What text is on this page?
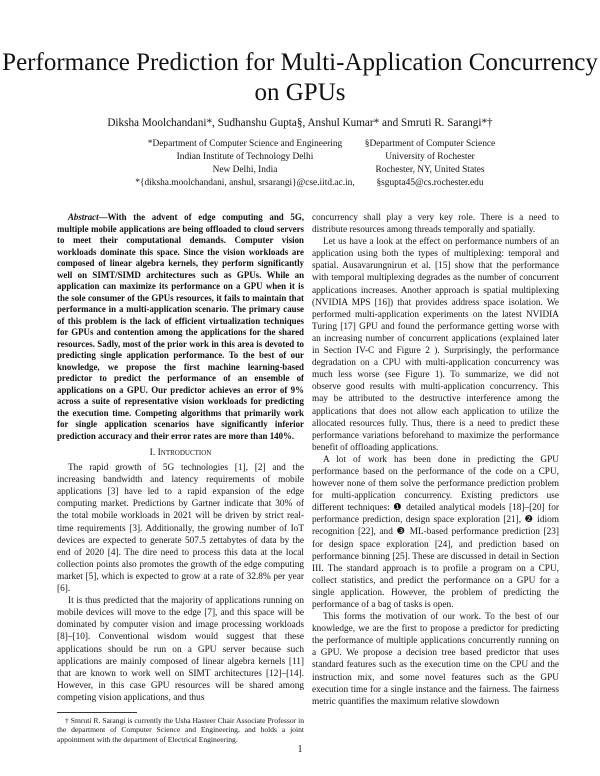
Performance Prediction for Multi-Application Concurrency on GPUs
Diksha Moolchandani*, Sudhanshu Gupta§, Anshul Kumar* and Smruti R. Sarangi*†
*Department of Computer Science and Engineering
Indian Institute of Technology Delhi
New Delhi, India
*{diksha.moolchandani, anshul, srsarangi}@cse.iitd.ac.in,
§Department of Computer Science
University of Rochester
Rochester, NY, United States
§sgupta45@cs.rochester.edu

Abstract—With the advent of edge computing and 5G, multiple mobile applications are being offloaded to cloud servers to meet their computational demands. Computer vision workloads dominate this space. Since the vision workloads are composed of linear algebra kernels, they perform significantly well on SIMT/SIMD architectures such as GPUs. While an application can maximize its performance on a GPU when it is the sole consumer of the GPUs resources, it fails to maintain that performance in a multi-application scenario. The primary cause of this problem is the lack of efficient virtualization techniques for GPUs and contention among the applications for the shared resources. Sadly, most of the prior work in this area is devoted to predicting single application performance. To the best of our knowledge, we propose the first machine learning-based predictor to predict the performance of an ensemble of applications on a GPU. Our predictor achieves an error of 9% across a suite of representative vision workloads for predicting the execution time. Competing algorithms that primarily work for single application scenarios have significantly inferior prediction accuracy and their error rates are more than 140%.

I. Introduction

The rapid growth of 5G technologies [1], [2] and the increasing bandwidth and latency requirements of mobile applications [3] have led to a rapid expansion of the edge computing market. Predictions by Gartner indicate that 30% of the total mobile workloads in 2021 will be driven by strict real-time requirements [3]. Additionally, the growing number of IoT devices are expected to generate 507.5 zettabytes of data by the end of 2020 [4]. The dire need to process this data at the local collection points also promotes the growth of the edge computing market [5], which is expected to grow at a rate of 32.8% per year [6].

It is thus predicted that the majority of applications running on mobile devices will move to the edge [7], and this space will be dominated by computer vision and image processing workloads [8]–[10]. Conventional wisdom would suggest that these applications should be run on a GPU server because such applications are mainly composed of linear algebra kernels [11] that are known to work well on SIMT architectures [12]–[14]. However, in this case GPU resources will be shared among competing vision applications, and thus

† Smruti R. Sarangi is currently the Usha Hasteer Chair Associate Professor in the department of Computer Science and Engineering, and holds a joint appointment with the department of Electrical Engineering.

concurrency shall play a very key role. There is a need to distribute resources among threads temporally and spatially.

Let us have a look at the effect on performance numbers of an application using both the types of multiplexing: temporal and spatial. Ausavarungnirun et al. [15] show that the performance with temporal multiplexing degrades as the number of concurrent applications increases. Another approach is spatial multiplexing (NVIDIA MPS [16]) that provides address space isolation. We performed multi-application experiments on the latest NVIDIA Turing [17] GPU and found the performance getting worse with an increasing number of concurrent applications (explained later in Section IV-C and Figure 2 ). Surprisingly, the performance degradation on a CPU with multi-application concurrency was much less worse (see Figure 1). To summarize, we did not observe good results with multi-application concurrency. This may be attributed to the destructive interference among the applications that does not allow each application to utilize the allocated resources fully. Thus, there is a need to predict these performance variations beforehand to maximize the performance benefit of offloading applications.

A lot of work has been done in predicting the GPU performance based on the performance of the code on a CPU, however none of them solve the performance prediction problem for multi-application concurrency. Existing predictors use different techniques: ❶ detailed analytical models [18]–[20] for performance prediction, design space exploration [21], ❷ idiom recognition [22], and ❸ ML-based performance prediction [23] for design space exploration [24], and prediction based on performance binning [25]. These are discussed in detail in Section III. The standard approach is to profile a program on a CPU, collect statistics, and predict the performance on a GPU for a single application. However, the problem of predicting the performance of a bag of tasks is open.

This forms the motivation of our work. To the best of our knowledge, we are the first to propose a predictor for predicting the performance of multiple applications concurrently running on a GPU. We propose a decision tree based predictor that uses standard features such as the execution time on the CPU and the instruction mix, and some novel features such as the GPU execution time for a single instance and the fairness. The fairness metric quantifies the maximum relative slowdown

1
